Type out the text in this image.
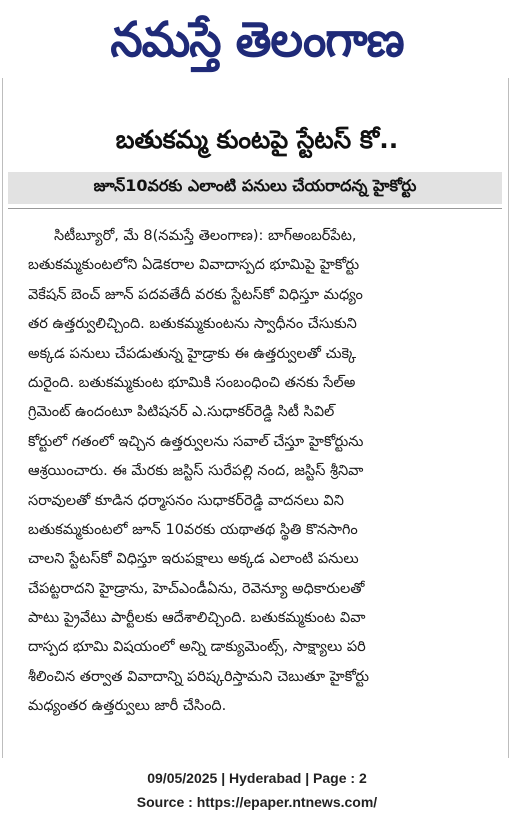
నమస్తే తెలంగాణ
బతుకమ్మ కుంటపై స్టేటస్ కో..
జూన్10వరకు ఎలాంటి పనులు చేయరాదన్న హైకోర్టు
సిటీబ్యూరో, మే 8(నమస్తే తెలంగాణ): బాగ్‌అంబర్‌పేట,
బతుకమ్మకుంటలోని ఏడెకరాల వివాదాస్పద భూమిపై హైకోర్టు
వెకేషన్ బెంచ్ జూన్ పదవతేదీ వరకు స్టేటస్‌కో విధిస్తూ మధ్యం
తర ఉత్తర్వులిచ్చింది. బతుకమ్మకుంటను స్వాధీనం చేసుకుని
అక్కడ పనులు చేపడుతున్న హైడ్రాకు ఈ ఉత్తర్వులతో చుక్కె
దురైంది. బతుకమ్మకుంట భూమికి సంబంధించి తనకు సేల్‌అ
గ్రిమెంట్ ఉందంటూ పిటిషనర్ ఎ.సుధాకర్‌రెడ్డి సిటీ సివిల్
కోర్టులో గతంలో ఇచ్చిన ఉత్తర్వులను సవాల్ చేస్తూ హైకోర్టును
ఆశ్రయించారు. ఈ మేరకు జస్టిస్ సురేపల్లి నంద, జస్టిస్ శ్రీనివా
సరావులతో కూడిన ధర్మాసనం సుధాకర్‌రెడ్డి వాదనలు విని
బతుకమ్మకుంటలో జూన్ 10వరకు యథాతథ స్థితి కొనసాగిం
చాలని స్టేటస్‌కో విధిస్తూ ఇరుపక్షాలు అక్కడ ఎలాంటి పనులు
చేపట్టరాదని హైడ్రాను, హెచ్ఎండీఏను, రెవెన్యూ అధికారులతో
పాటు ప్రైవేటు పార్టీలకు ఆదేశాలిచ్చింది. బతుకమ్మకుంట వివా
దాస్పద భూమి విషయంలో అన్ని డాక్యుమెంట్స్, సాక్ష్యాలు పరి
శీలించిన తర్వాత వివాదాన్ని పరిష్కరిస్తామని చెబుతూ హైకోర్టు
మధ్యంతర ఉత్తర్వులు జారీ చేసింది.
09/05/2025 | Hyderabad | Page : 2
Source : https://epaper.ntnews.com/
